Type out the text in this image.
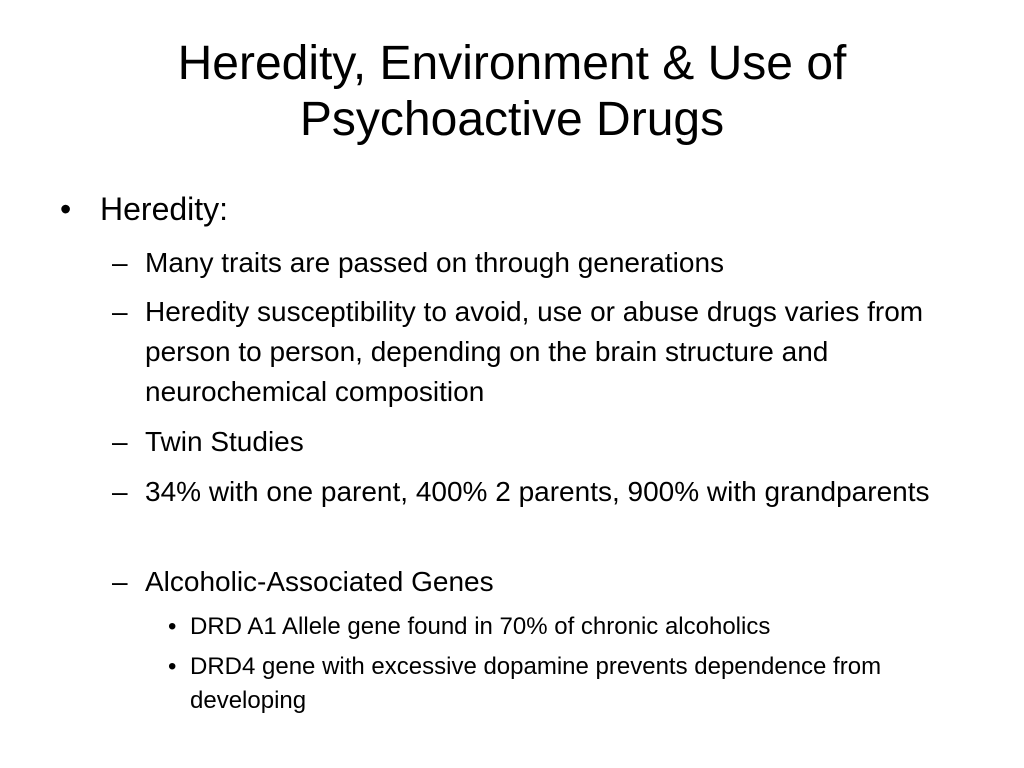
Heredity, Environment & Use of
Psychoactive Drugs
• Heredity:
– Many traits are passed on through generations
– Heredity susceptibility to avoid, use or abuse drugs varies from person to person, depending on the brain structure and neurochemical composition
– Twin Studies
– 34% with one parent, 400% 2 parents, 900% with grandparents
– Alcoholic-Associated Genes
• DRD A1 Allele gene found in 70% of chronic alcoholics
• DRD4 gene with excessive dopamine prevents dependence from developing
